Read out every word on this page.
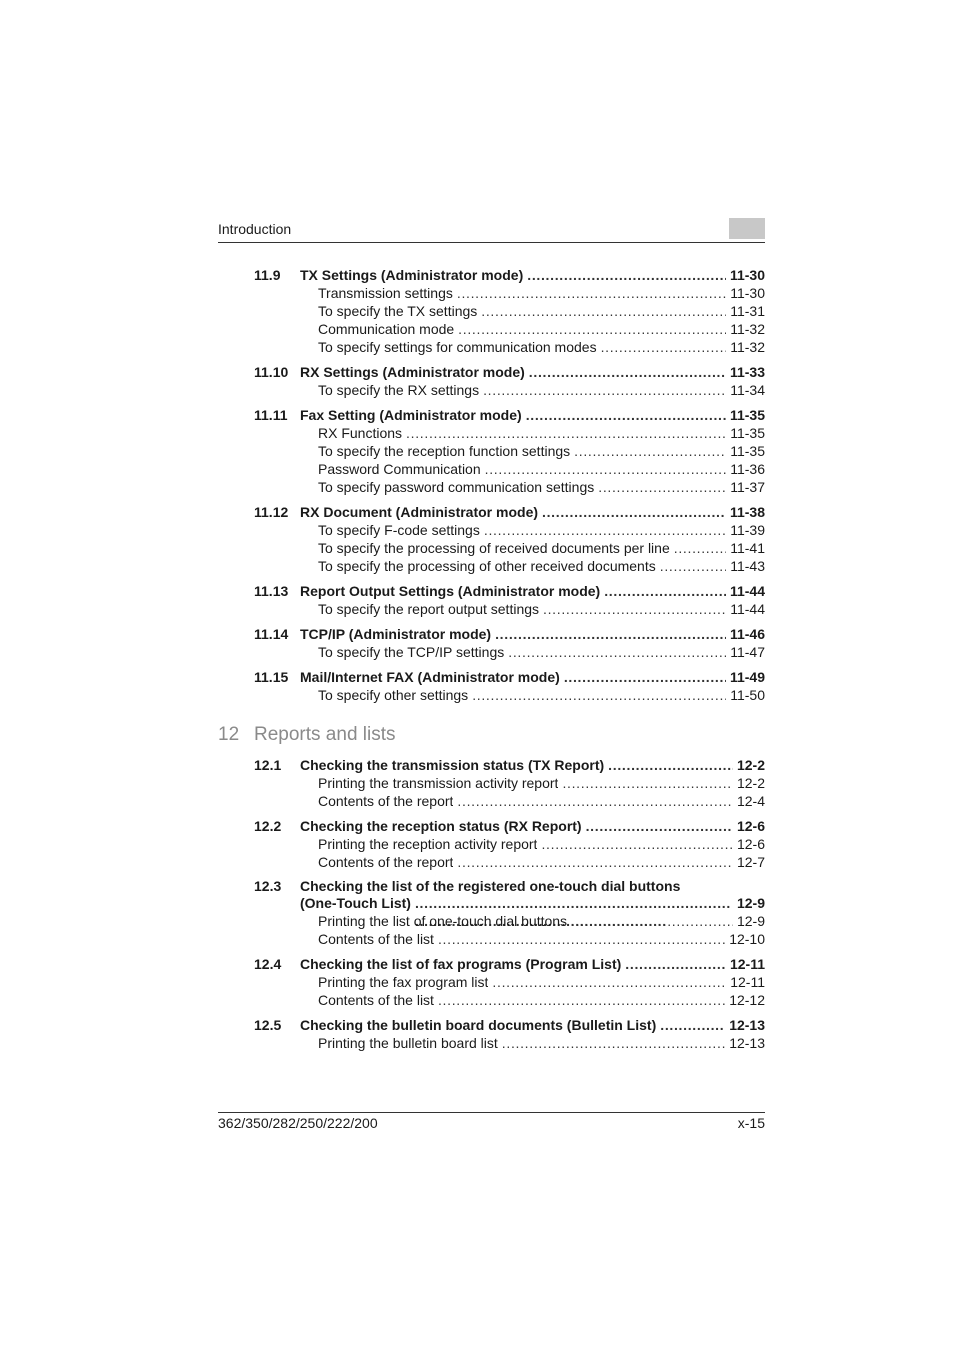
Introduction
11.9	TX Settings (Administrator mode) . . .	11-30
Transmission settings . . .	11-30
To specify the TX settings . . .	11-31
Communication mode . . .	11-32
To specify settings for communication modes . . .	11-32
11.10 RX Settings (Administrator mode) . . .	11-33
To specify the RX settings . . .	11-34
11.11 Fax Setting (Administrator mode) . . .	11-35
RX Functions . . .	11-35
To specify the reception function settings . . .	11-35
Password Communication . . .	11-36
To specify password communication settings . . .	11-37
11.12 RX Document (Administrator mode) . . .	11-38
To specify F-code settings . . .	11-39
To specify the processing of received documents per line . . .	11-41
To specify the processing of other received documents . . .	11-43
11.13 Report Output Settings (Administrator mode) . . .	11-44
To specify the report output settings . . .	11-44
11.14 TCP/IP (Administrator mode) . . .	11-46
To specify the TCP/IP settings . . .	11-47
11.15 Mail/Internet FAX (Administrator mode) . . .	11-49
To specify other settings . . .	11-50
12 Reports and lists
12.1	Checking the transmission status (TX Report) . . .	12-2
Printing the transmission activity report . . .	12-2
Contents of the report . . .	12-4
12.2	Checking the reception status (RX Report) . . .	12-6
Printing the reception activity report . . .	12-6
Contents of the report . . .	12-7
12.3	Checking the list of the registered one-touch dial buttons
(One-Touch List) . . .	12-9
Printing the list of one-touch dial buttons . . .	12-9
Contents of the list . . .	12-10
12.4	Checking the list of fax programs (Program List) . . .	12-11
Printing the fax program list . . .	12-11
Contents of the list . . .	12-12
12.5	Checking the bulletin board documents (Bulletin List) . . .	12-13
Printing the bulletin board list . . .	12-13
362/350/282/250/222/200	x-15
